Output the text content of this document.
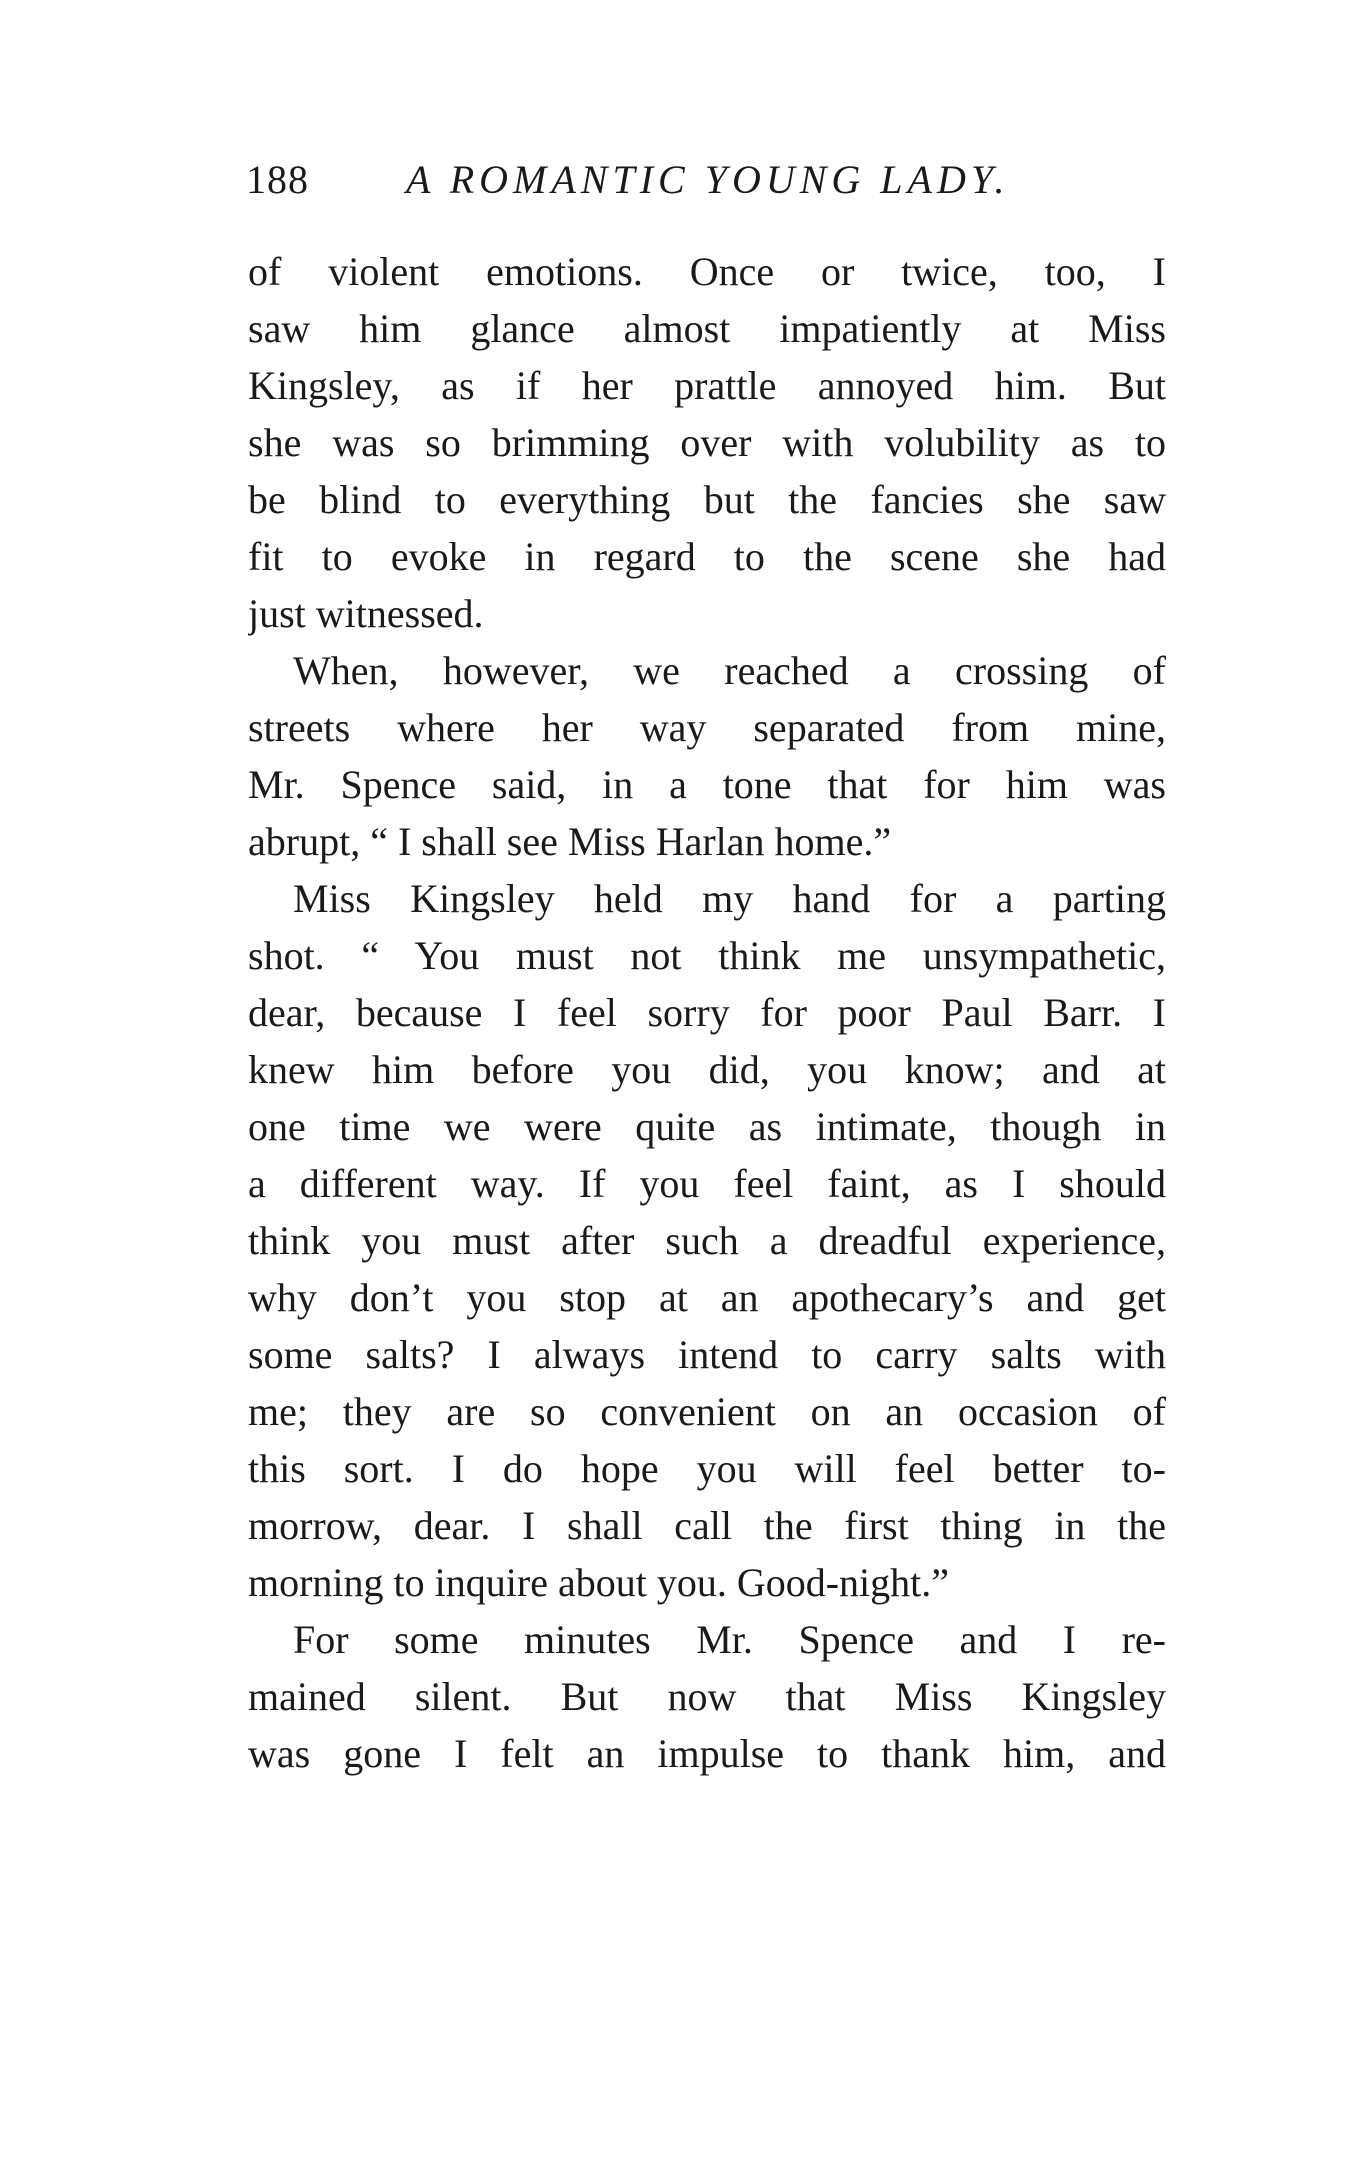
188 A ROMANTIC YOUNG LADY.
of violent emotions. Once or twice, too, I
saw him glance almost impatiently at Miss
Kingsley, as if her prattle annoyed him. But
she was so brimming over with volubility as to
be blind to everything but the fancies she saw
fit to evoke in regard to the scene she had
just witnessed.
When, however, we reached a crossing of
streets where her way separated from mine,
Mr. Spence said, in a tone that for him was
abrupt, “ I shall see Miss Harlan home.”
Miss Kingsley held my hand for a parting
shot. “ You must not think me unsympathetic,
dear, because I feel sorry for poor Paul Barr. I
knew him before you did, you know; and at
one time we were quite as intimate, though in
a different way. If you feel faint, as I should
think you must after such a dreadful experience,
why don’t you stop at an apothecary’s and get
some salts? I always intend to carry salts with
me; they are so convenient on an occasion of
this sort. I do hope you will feel better to-
morrow, dear. I shall call the first thing in the
morning to inquire about you. Good-night.”
For some minutes Mr. Spence and I re-
mained silent. But now that Miss Kingsley
was gone I felt an impulse to thank him, and
